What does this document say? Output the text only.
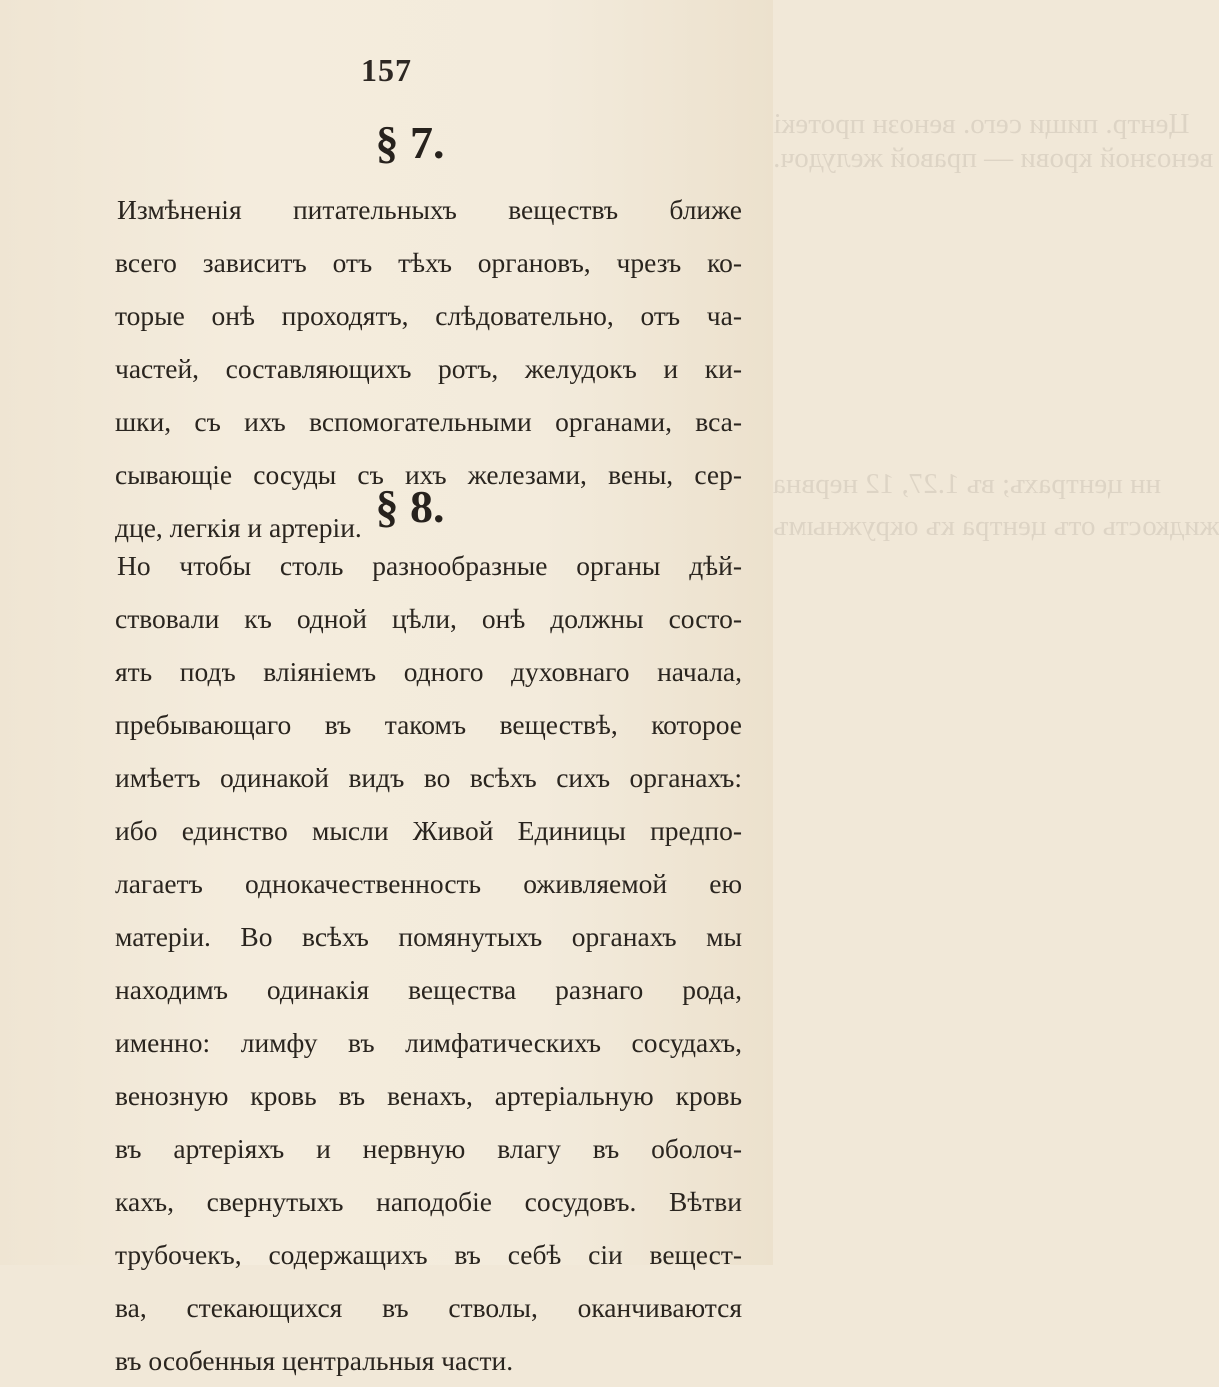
Центр. пищи сего. венозн протекі
венозной крови — правой желудоч.
нн центрахъ; въ 1.27, 12 нервна
жидкость отъ центра къ окружнымъ
157
§ 7.
Измѣненія питательныхъ веществъ ближе
всего зависитъ отъ тѣхъ органовъ, чрезъ ко-
торые онѣ проходятъ, слѣдовательно, отъ ча-
частей, составляющихъ ротъ, желудокъ и ки-
шки, съ ихъ вспомогательными органами, вса-
сывающіе сосуды съ ихъ железами, вены, сер-
дце, легкія и артеріи. § 8.
Но чтобы столь разнообразные органы дѣй-
ствовали къ одной цѣли, онѣ должны состо-
ять подъ вліяніемъ одного духовнаго начала,
пребывающаго въ такомъ веществѣ, которое
имѣетъ одинакой видъ во всѣхъ сихъ органахъ:
ибо единство мысли Живой Единицы предпо-
лагаетъ однокачественность оживляемой ею
матеріи. Во всѣхъ помянутыхъ органахъ мы
находимъ одинакія вещества разнаго рода,
именно: лимфу въ лимфатическихъ сосудахъ,
венозную кровь въ венахъ, артеріальную кровь
въ артеріяхъ и нервную влагу въ оболоч-
кахъ, свернутыхъ наподобіе сосудовъ. Вѣтви
трубочекъ, содержащихъ въ себѣ сіи вещест-
ва, стекающихся въ стволы, оканчиваются
въ особенныя центральныя части.
